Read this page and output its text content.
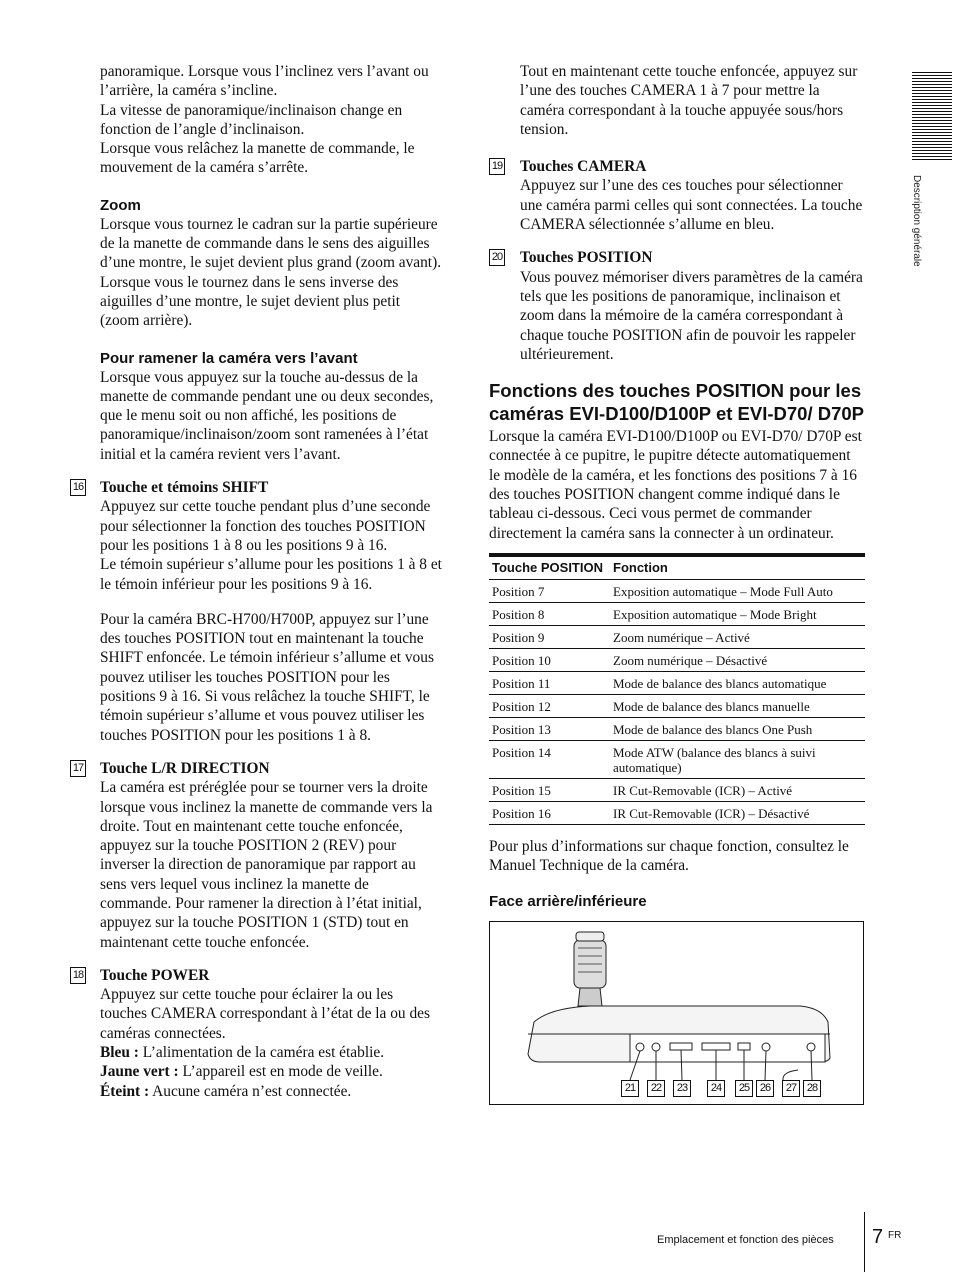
panoramique. Lorsque vous l’inclinez vers l’avant ou l’arrière, la caméra s’incline.

La vitesse de panoramique/inclinaison change en fonction de l’angle d’inclinaison.

Lorsque vous relâchez la manette de commande, le mouvement de la caméra s’arrête.

Zoom

Lorsque vous tournez le cadran sur la partie supérieure de la manette de commande dans le sens des aiguilles d’une montre, le sujet devient plus grand (zoom avant). Lorsque vous le tournez dans le sens inverse des aiguilles d’une montre, le sujet devient plus petit (zoom arrière).

Pour ramener la caméra vers l’avant

Lorsque vous appuyez sur la touche au-dessus de la manette de commande pendant une ou deux secondes, que le menu soit ou non affiché, les positions de panoramique/inclinaison/zoom sont ramenées à l’état initial et la caméra revient vers l’avant.

16 Touche et témoins SHIFT

Appuyez sur cette touche pendant plus d’une seconde pour sélectionner la fonction des touches POSITION pour les positions 1 à 8 ou les positions 9 à 16.

Le témoin supérieur s’allume pour les positions 1 à 8 et le témoin inférieur pour les positions 9 à 16.

Pour la caméra BRC-H700/H700P, appuyez sur l’une des touches POSITION tout en maintenant la touche SHIFT enfoncée. Le témoin inférieur s’allume et vous pouvez utiliser les touches POSITION pour les positions 9 à 16. Si vous relâchez la touche SHIFT, le témoin supérieur s’allume et vous pouvez utiliser les touches POSITION pour les positions 1 à 8.

17 Touche L/R DIRECTION

La caméra est préréglée pour se tourner vers la droite lorsque vous inclinez la manette de commande vers la droite. Tout en maintenant cette touche enfoncée, appuyez sur la touche POSITION 2 (REV) pour inverser la direction de panoramique par rapport au sens vers lequel vous inclinez la manette de commande. Pour ramener la direction à l’état initial, appuyez sur la touche POSITION 1 (STD) tout en maintenant cette touche enfoncée.

18 Touche POWER

Appuyez sur cette touche pour éclairer la ou les touches CAMERA correspondant à l’état de la ou des caméras connectées.

Bleu : L’alimentation de la caméra est établie.

Jaune vert : L’appareil est en mode de veille.

Éteint : Aucune caméra n’est connectée.

Tout en maintenant cette touche enfoncée, appuyez sur l’une des touches CAMERA 1 à 7 pour mettre la caméra correspondant à la touche appuyée sous/hors tension.

19 Touches CAMERA

Appuyez sur l’une des ces touches pour sélectionner une caméra parmi celles qui sont connectées. La touche CAMERA sélectionnée s’allume en bleu.

20 Touches POSITION

Vous pouvez mémoriser divers paramètres de la caméra tels que les positions de panoramique, inclinaison et zoom dans la mémoire de la caméra correspondant à chaque touche POSITION afin de pouvoir les rappeler ultérieurement.

Fonctions des touches POSITION pour les caméras EVI-D100/D100P et EVI-D70/ D70P

Lorsque la caméra EVI-D100/D100P ou EVI-D70/ D70P est connectée à ce pupitre, le pupitre détecte automatiquement le modèle de la caméra, et les fonctions des positions 7 à 16 des touches POSITION changent comme indiqué dans le tableau ci-dessous. Ceci vous permet de commander directement la caméra sans la connecter à un ordinateur.

Touche POSITION	Fonction
Position 7	Exposition automatique – Mode Full Auto
Position 8	Exposition automatique – Mode Bright
Position 9	Zoom numérique – Activé
Position 10	Zoom numérique – Désactivé
Position 11	Mode de balance des blancs automatique
Position 12	Mode de balance des blancs manuelle
Position 13	Mode de balance des blancs One Push
Position 14	Mode ATW (balance des blancs à suivi automatique)
Position 15	IR Cut-Removable (ICR) – Activé
Position 16	IR Cut-Removable (ICR) – Désactivé

Pour plus d’informations sur chaque fonction, consultez le Manuel Technique de la caméra.

Face arrière/inférieure
21	22	23	24	25 26	27 28
Description générale
Emplacement et fonction des pièces 7 FR
